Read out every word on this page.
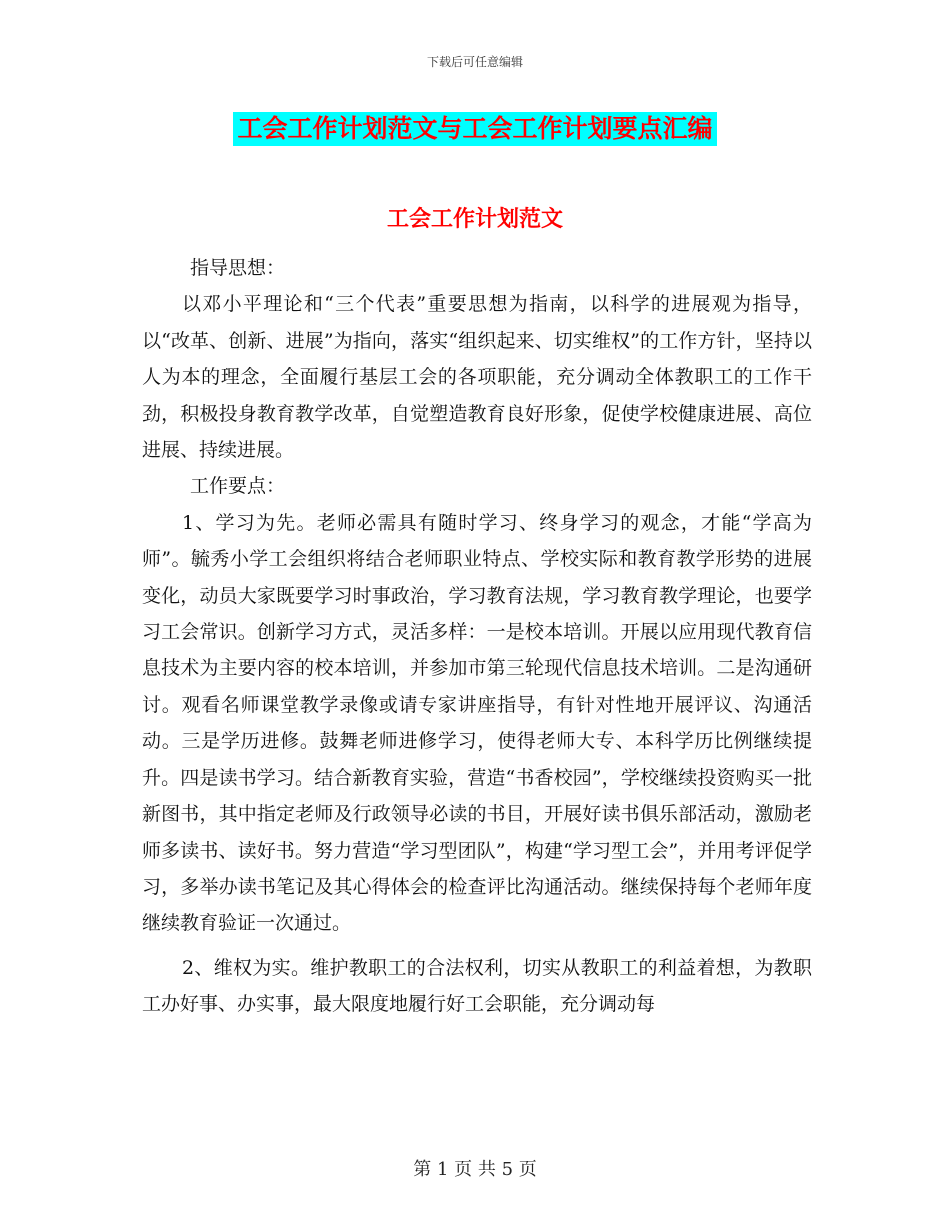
下载后可任意编辑
工会工作计划范文与工会工作计划要点汇编
工会工作计划范文

指导思想：

以邓小平理论和“三个代表”重要思想为指南，以科学的进展观为指导，以“改革、创新、进展”为指向，落实“组织起来、切实维权”的工作方针，坚持以人为本的理念，全面履行基层工会的各项职能，充分调动全体教职工的工作干劲，积极投身教育教学改革，自觉塑造教育良好形象，促使学校健康进展、高位进展、持续进展。

工作要点：

1、学习为先。老师必需具有随时学习、终身学习的观念，才能“学高为师”。毓秀小学工会组织将结合老师职业特点、学校实际和教育教学形势的进展变化，动员大家既要学习时事政治，学习教育法规，学习教育教学理论，也要学习工会常识。创新学习方式，灵活多样：一是校本培训。开展以应用现代教育信息技术为主要内容的校本培训，并参加市第三轮现代信息技术培训。二是沟通研讨。观看名师课堂教学录像或请专家讲座指导，有针对性地开展评议、沟通活动。三是学历进修。鼓舞老师进修学习，使得老师大专、本科学历比例继续提升。四是读书学习。结合新教育实验，营造“书香校园”，学校继续投资购买一批新图书，其中指定老师及行政领导必读的书目，开展好读书俱乐部活动，激励老师多读书、读好书。努力营造“学习型团队”，构建“学习型工会”，并用考评促学习，多举办读书笔记及其心得体会的检查评比沟通活动。继续保持每个老师年度继续教育验证一次通过。

2、维权为实。维护教职工的合法权利，切实从教职工的利益着想，为教职工办好事、办实事，最大限度地履行好工会职能，充分调动每

第 1 页 共 5 页
